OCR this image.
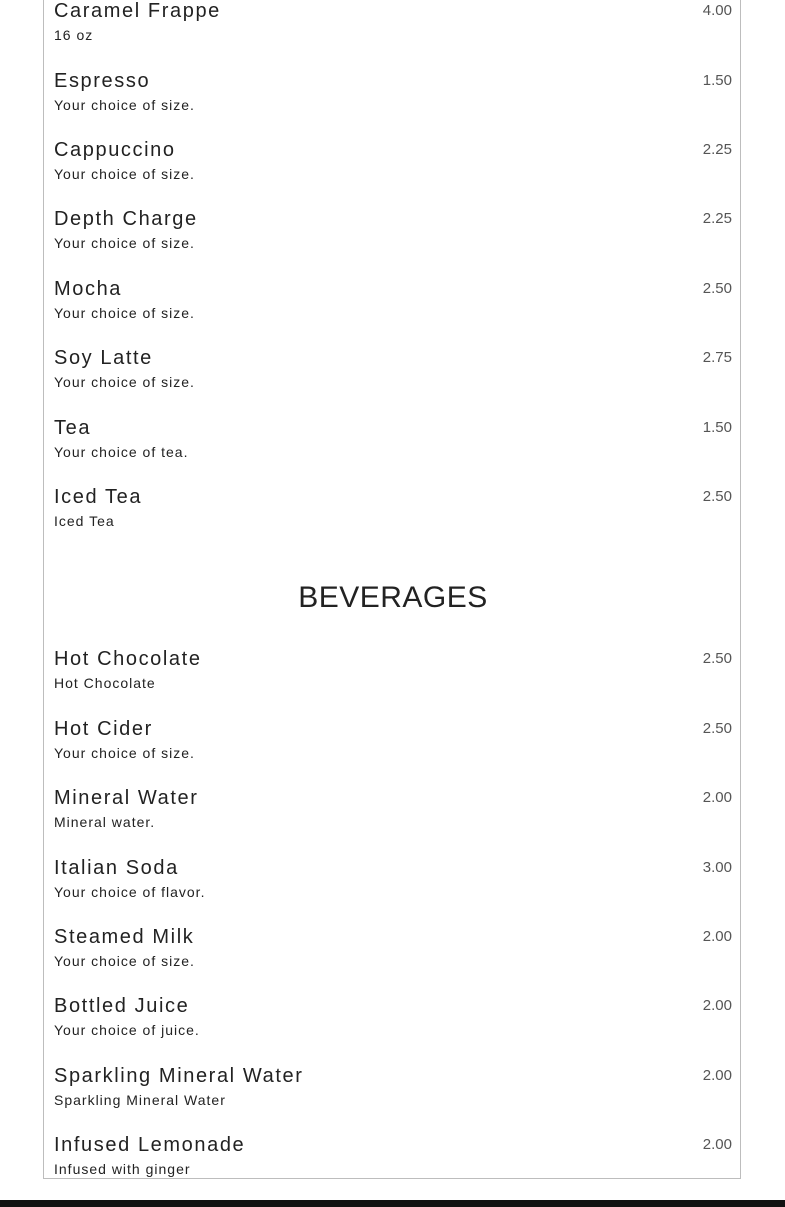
Caramel Frappe
16 oz
4.00
Espresso
Your choice of size.
1.50
Cappuccino
Your choice of size.
2.25
Depth Charge
Your choice of size.
2.25
Mocha
Your choice of size.
2.50
Soy Latte
Your choice of size.
2.75
Tea
Your choice of tea.
1.50
Iced Tea
Iced Tea
2.50
BEVERAGES
Hot Chocolate
Hot Chocolate
2.50
Hot Cider
Your choice of size.
2.50
Mineral Water
Mineral water.
2.00
Italian Soda
Your choice of flavor.
3.00
Steamed Milk
Your choice of size.
2.00
Bottled Juice
Your choice of juice.
2.00
Sparkling Mineral Water
Sparkling Mineral Water
2.00
Infused Lemonade
Infused with ginger
2.00
